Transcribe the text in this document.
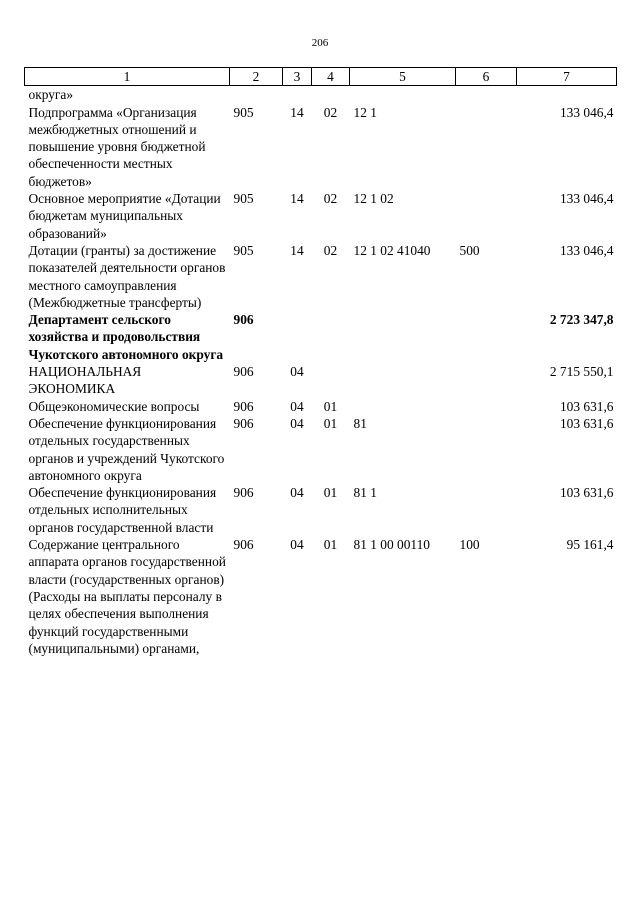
206
1	2	3	4	5	6	7
округа»						
Подпрограмма «Организация межбюджетных отношений и повышение уровня бюджетной обеспеченности местных бюджетов»	905	14	02	12 1		133 046,4
Основное мероприятие «Дотации бюджетам муниципальных образований»	905	14	02	12 1 02		133 046,4
Дотации (гранты) за достижение показателей деятельности органов местного самоуправления (Межбюджетные трансферты)	905	14	02	12 1 02 41040	500	133 046,4
Департамент сельского хозяйства и продовольствия Чукотского автономного округа	906					2 723 347,8
НАЦИОНАЛЬНАЯ ЭКОНОМИКА	906	04				2 715 550,1
Общеэкономические вопросы	906	04	01			103 631,6
Обеспечение функционирования отдельных государственных органов и учреждений Чукотского автономного округа	906	04	01	81		103 631,6
Обеспечение функционирования отдельных исполнительных органов государственной власти	906	04	01	81 1		103 631,6
Содержание центрального аппарата органов государственной власти (государственных органов) (Расходы на выплаты персоналу в целях обеспечения выполнения функций государственными (муниципальными) органами,	906	04	01	81 1 00 00110	100	95 161,4
